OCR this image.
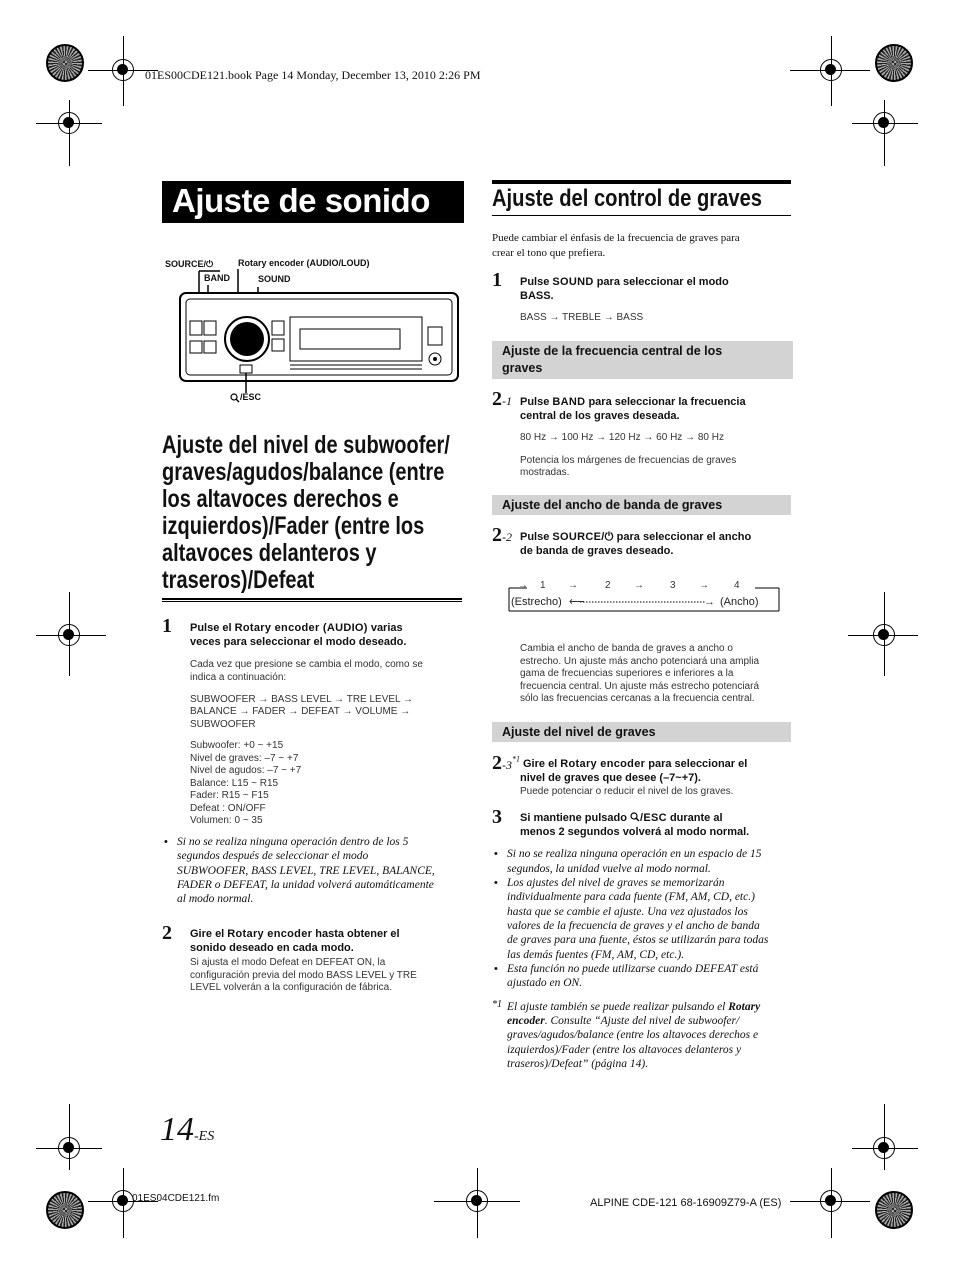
01ES00CDE121.book Page 14 Monday, December 13, 2010 2:26 PM
Ajuste de sonido
SOURCE/⏻	Rotary encoder (AUDIO/LOUD)
BAND	SOUND
/ESC
Ajuste del nivel de subwoofer/
graves/agudos/balance (entre
los altavoces derechos e
izquierdos)/Fader (entre los
altavoces delanteros y
traseros)/Defeat
1 Pulse el Rotary encoder (AUDIO) varias
veces para seleccionar el modo deseado.
Cada vez que presione se cambia el modo, como se
indica a continuación:
SUBWOOFER → BASS LEVEL → TRE LEVEL →
BALANCE → FADER → DEFEAT → VOLUME →
SUBWOOFER
Subwoofer: +0 ~ +15
Nivel de graves: –7 ~ +7
Nivel de agudos: –7 ~ +7
Balance: L15 ~ R15
Fader: R15 ~ F15
Defeat : ON/OFF
Volumen: 0 ~ 35
• Si no se realiza ninguna operación dentro de los 5
segundos después de seleccionar el modo
SUBWOOFER, BASS LEVEL, TRE LEVEL, BALANCE,
FADER o DEFEAT, la unidad volverá automáticamente
al modo normal.
2 Gire el Rotary encoder hasta obtener el
sonido deseado en cada modo.
Si ajusta el modo Defeat en DEFEAT ON, la
configuración previa del modo BASS LEVEL y TRE
LEVEL volverán a la configuración de fábrica.
Ajuste del control de graves
Puede cambiar el énfasis de la frecuencia de graves para
crear el tono que prefiera.
1 Pulse SOUND para seleccionar el modo
BASS.
BASS → TREBLE → BASS
Ajuste de la frecuencia central de los
graves
2-1 Pulse BAND para seleccionar la frecuencia
central de los graves deseada.
80 Hz → 100 Hz → 120 Hz → 60 Hz → 80 Hz
Potencia los márgenes de frecuencias de graves
mostradas.
Ajuste del ancho de banda de graves
2-2 Pulse SOURCE/⏻ para seleccionar el ancho
de banda de graves deseado.
→ 1 →	2 →	3 →	4
(Estrecho) ⟵	→ (Ancho)
Cambia el ancho de banda de graves a ancho o
estrecho. Un ajuste más ancho potenciará una amplia
gama de frecuencias superiores e inferiores a la
frecuencia central. Un ajuste más estrecho potenciará
sólo las frecuencias cercanas a la frecuencia central.
Ajuste del nivel de graves
2-3$^{*1}$ Gire el Rotary encoder para seleccionar el
nivel de graves que desee (–7~+7).
Puede potenciar o reducir el nivel de los graves.
3 Si mantiene pulsado /ESC durante al
menos 2 segundos volverá al modo normal.
• Si no se realiza ninguna operación en un espacio de 15
segundos, la unidad vuelve al modo normal.
• Los ajustes del nivel de graves se memorizarán
individualmente para cada fuente (FM, AM, CD, etc.)
hasta que se cambie el ajuste. Una vez ajustados los
valores de la frecuencia de graves y el ancho de banda
de graves para una fuente, éstos se utilizarán para todas
las demás fuentes (FM, AM, CD, etc.).
• Esta función no puede utilizarse cuando DEFEAT está
ajustado en ON.
*1 El ajuste también se puede realizar pulsando el Rotary
encoder. Consulte “Ajuste del nivel de subwoofer/
graves/agudos/balance (entre los altavoces derechos e
izquierdos)/Fader (entre los altavoces delanteros y
traseros)/Defeat” (página 14).
14-ES
01ES04CDE121.fm	ALPINE CDE-121 68-16909Z79-A (ES)
